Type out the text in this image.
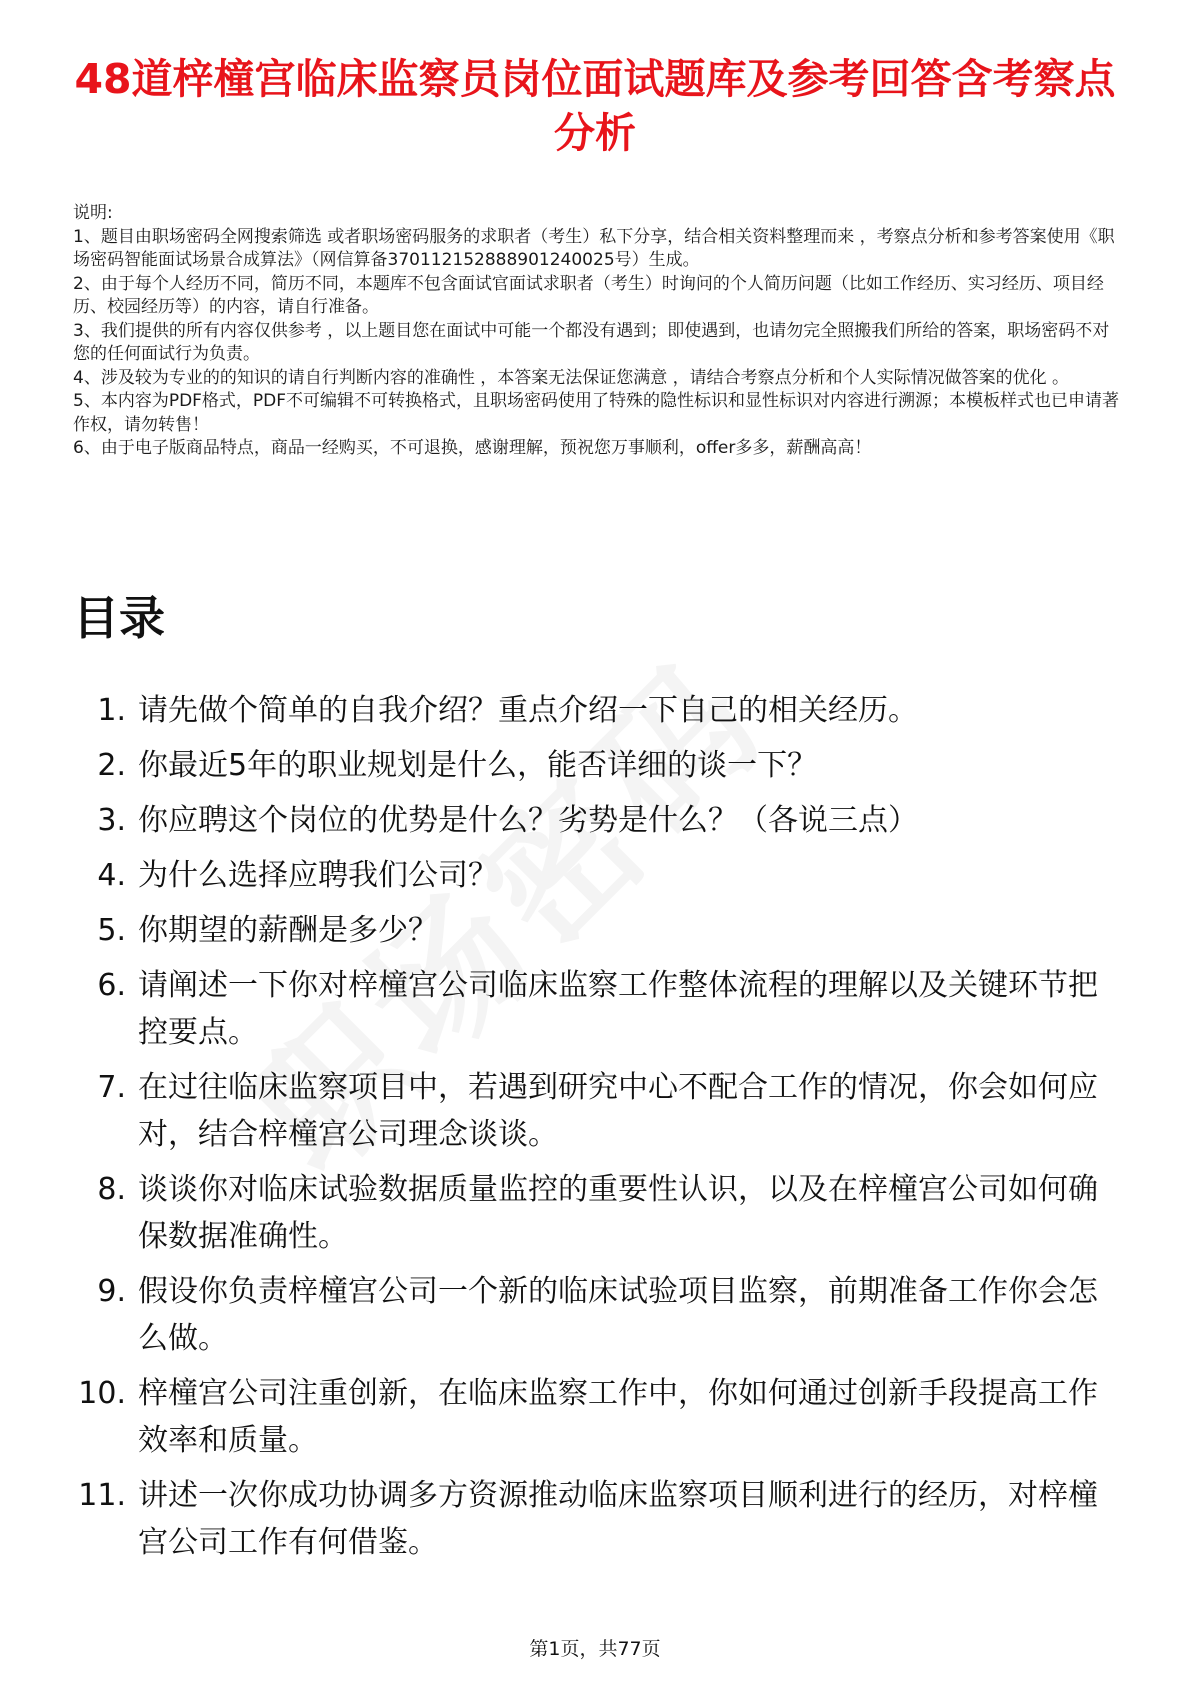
48道梓橦宫临床监察员岗位面试题库及参考回答含考察点分析

说明:

1、题目由职场密码全网搜索筛选 或者职场密码服务的求职者（考生）私下分享，结合相关资料整理而来 ，考察点分析和参考答案使用《职场密码智能面试场景合成算法》（网信算备370112152888901240025号）生成。

2、由于每个人经历不同，简历不同，本题库不包含面试官面试求职者（考生）时询问的个人简历问题（比如工作经历、实习经历、项目经历、校园经历等）的内容，请自行准备。

3、我们提供的所有内容仅供参考 ，以上题目您在面试中可能一个都没有遇到；即使遇到，也请勿完全照搬我们所给的答案，职场密码不对您的任何面试行为负责。

4、涉及较为专业的的知识的请自行判断内容的准确性 ，本答案无法保证您满意 ，请结合考察点分析和个人实际情况做答案的优化 。

5、本内容为PDF格式，PDF不可编辑不可转换格式，且职场密码使用了特殊的隐性标识和显性标识对内容进行溯源；本模板样式也已申请著作权，请勿转售！

6、由于电子版商品特点，商品一经购买，不可退换，感谢理解，预祝您万事顺利，offer多多，薪酬高高！

目录
1. 请先做个简单的自我介绍？重点介绍一下自己的相关经历。
2. 你最近5年的职业规划是什么，能否详细的谈一下？
3. 你应聘这个岗位的优势是什么？劣势是什么？（各说三点）
4. 为什么选择应聘我们公司？
5. 你期望的薪酬是多少？
6. 请阐述一下你对梓橦宫公司临床监察工作整体流程的理解以及关键环节把控要点。
7. 在过往临床监察项目中，若遇到研究中心不配合工作的情况，你会如何应对，结合梓橦宫公司理念谈谈。
8. 谈谈你对临床试验数据质量监控的重要性认识，以及在梓橦宫公司如何确保数据准确性。
9. 假设你负责梓橦宫公司一个新的临床试验项目监察，前期准备工作你会怎么做。
10. 梓橦宫公司注重创新，在临床监察工作中，你如何通过创新手段提高工作效率和质量。
11. 讲述一次你成功协调多方资源推动临床监察项目顺利进行的经历，对梓橦宫公司工作有何借鉴。
第1页，共77页
